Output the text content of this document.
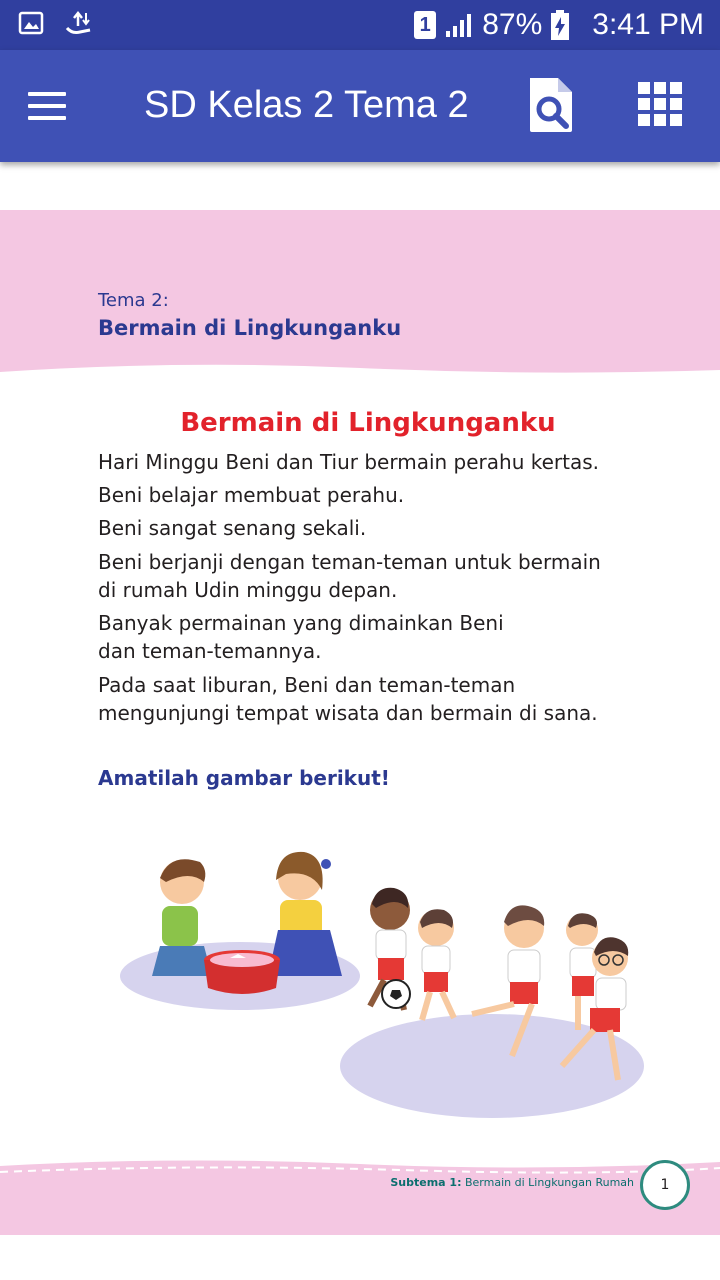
1 87% 3:41 PM
SD Kelas 2 Tema 2
Tema 2:
Bermain di Lingkunganku
Bermain di Lingkunganku
Hari Minggu Beni dan Tiur bermain perahu kertas.
Beni belajar membuat perahu.
Beni sangat senang sekali.
Beni berjanji dengan teman-teman untuk bermain
di rumah Udin minggu depan.
Banyak permainan yang dimainkan Beni
dan teman-temannya.
Pada saat liburan, Beni dan teman-teman
mengunjungi tempat wisata dan bermain di sana.
Amatilah gambar berikut!
Subtema 1: Bermain di Lingkungan Rumah	1
